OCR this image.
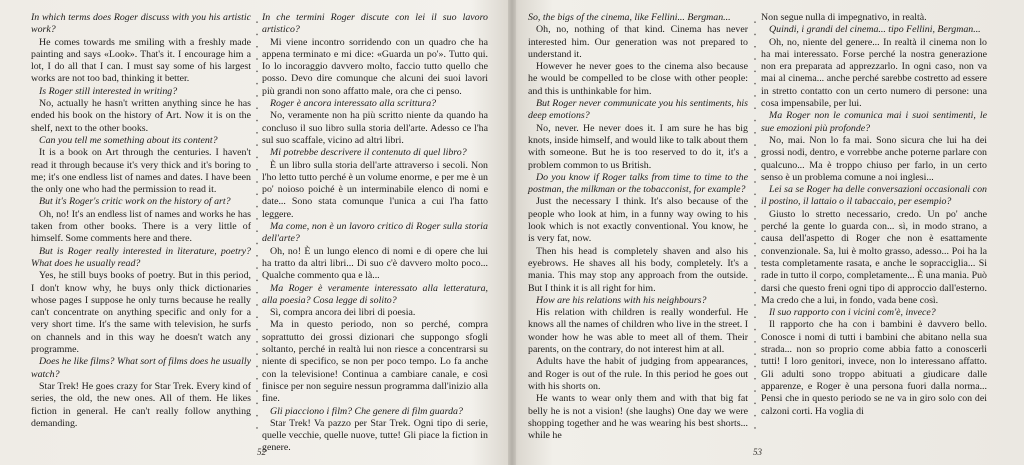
In which terms does Roger discuss with you his artistic work?

He comes towards me smiling with a freshly made painting and says «Look». That's it. I encourage him a lot, I do all that I can. I must say some of his largest works are not too bad, thinking it better.

Is Roger still interested in writing?

No, actually he hasn't written anything since he has ended his book on the history of Art. Now it is on the shelf, next to the other books.

Can you tell me something about its content?

It is a book on Art through the centuries. I haven't read it through because it's very thick and it's boring to me; it's one endless list of names and dates. I have been the only one who had the permission to read it.

But it's Roger's critic work on the history of art?

Oh, no! It's an endless list of names and works he has taken from other books. There is a very little of himself. Some comments here and there.

But is Roger really interested in literature, poetry? What does he usually read?

Yes, he still buys books of poetry. But in this period, I don't know why, he buys only thick dictionaries whose pages I suppose he only turns because he really can't concentrate on anything specific and only for a very short time. It's the same with television, he surfs on channels and in this way he doesn't watch any programme.

Does he like films? What sort of films does he usually watch?

Star Trek! He goes crazy for Star Trek. Every kind of series, the old, the new ones. All of them. He likes fiction in general. He can't really follow anything demanding.

In che termini Roger discute con lei il suo lavoro artistico?

Mi viene incontro sorridendo con un quadro che ha appena terminato e mi dice: «Guarda un po'». Tutto qui. Io lo incoraggio davvero molto, faccio tutto quello che posso. Devo dire comunque che alcuni dei suoi lavori più grandi non sono affatto male, ora che ci penso.

Roger è ancora interessato alla scrittura?

No, veramente non ha più scritto niente da quando ha concluso il suo libro sulla storia dell'arte. Adesso ce l'ha sul suo scaffale, vicino ad altri libri.

Mi potrebbe descrivere il contenuto di quel libro?

È un libro sulla storia dell'arte attraverso i secoli. Non l'ho letto tutto perché è un volume enorme, e per me è un po' noioso poiché è un interminabile elenco di nomi e date... Sono stata comunque l'unica a cui l'ha fatto leggere.

Ma come, non è un lavoro critico di Roger sulla storia dell'arte?

Oh, no! È un lungo elenco di nomi e di opere che lui ha tratto da altri libri... Di suo c'è davvero molto poco... Qualche commento qua e là...

Ma Roger è veramente interessato alla letteratura, alla poesia? Cosa legge di solito?

Sì, compra ancora dei libri di poesia.

Ma in questo periodo, non so perché, compra soprattutto dei grossi dizionari che suppongo sfogli soltanto, perché in realtà lui non riesce a concentrarsi su niente di specifico, se non per poco tempo. Lo fa anche con la televisione! Continua a cambiare canale, e così finisce per non seguire nessun programma dall'inizio alla fine.

Gli piacciono i film? Che genere di film guarda?

Star Trek! Va pazzo per Star Trek. Ogni tipo di serie, quelle vecchie, quelle nuove, tutte! Gli piace la fiction in genere.

52

So, the bigs of the cinema, like Fellini... Bergman...

Oh, no, nothing of that kind. Cinema has never interested him. Our generation was not prepared to understand it.

However he never goes to the cinema also because he would be compelled to be close with other people: and this is unthinkable for him.

But Roger never communicate you his sentiments, his deep emotions?

No, never. He never does it. I am sure he has big knots, inside himself, and would like to talk about them with someone. But he is too reserved to do it, it's a problem common to us British.

Do you know if Roger talks from time to time to the postman, the milkman or the tobacconist, for example?

Just the necessary I think. It's also because of the people who look at him, in a funny way owing to his look which is not exactly conventional. You know, he is very fat, now.

Then his head is completely shaven and also his eyebrows. He shaves all his body, completely. It's a mania. This may stop any approach from the outside. But I think it is all right for him.

How are his relations with his neighbours?

His relation with children is really wonderful. He knows all the names of children who live in the street. I wonder how he was able to meet all of them. Their parents, on the contrary, do not interest him at all.

Adults have the habit of judging from appearances, and Roger is out of the rule. In this period he goes out with his shorts on.

He wants to wear only them and with that big fat belly he is not a vision! (she laughs) One day we were shopping together and he was wearing his best shorts... while he

Non segue nulla di impegnativo, in realtà.

Quindi, i grandi del cinema... tipo Fellini, Bergman...

Oh, no, niente del genere... In realtà il cinema non lo ha mai interessato. Forse perché la nostra generazione non era preparata ad apprezzarlo. In ogni caso, non va mai al cinema... anche perché sarebbe costretto ad essere in stretto contatto con un certo numero di persone: una cosa impensabile, per lui.

Ma Roger non le comunica mai i suoi sentimenti, le sue emozioni più profonde?

No, mai. Non lo fa mai. Sono sicura che lui ha dei grossi nodi, dentro, e vorrebbe anche poterne parlare con qualcuno... Ma è troppo chiuso per farlo, in un certo senso è un problema comune a noi inglesi...

Lei sa se Roger ha delle conversazioni occasionali con il postino, il lattaio o il tabaccaio, per esempio?

Giusto lo stretto necessario, credo. Un po' anche perché la gente lo guarda con... sì, in modo strano, a causa dell'aspetto di Roger che non è esattamente convenzionale. Sa, lui è molto grasso, adesso... Poi ha la testa completamente rasata, e anche le sopracciglia... Si rade in tutto il corpo, completamente... È una mania. Può darsi che questo freni ogni tipo di approccio dall'esterno. Ma credo che a lui, in fondo, vada bene così.

Il suo rapporto con i vicini com'è, invece?

Il rapporto che ha con i bambini è davvero bello. Conosce i nomi di tutti i bambini che abitano nella sua strada... non so proprio come abbia fatto a conoscerli tutti! I loro genitori, invece, non lo interessano affatto. Gli adulti sono troppo abituati a giudicare dalle apparenze, e Roger è una persona fuori dalla norma... Pensi che in questo periodo se ne va in giro solo con dei calzoni corti. Ha voglia di

53
